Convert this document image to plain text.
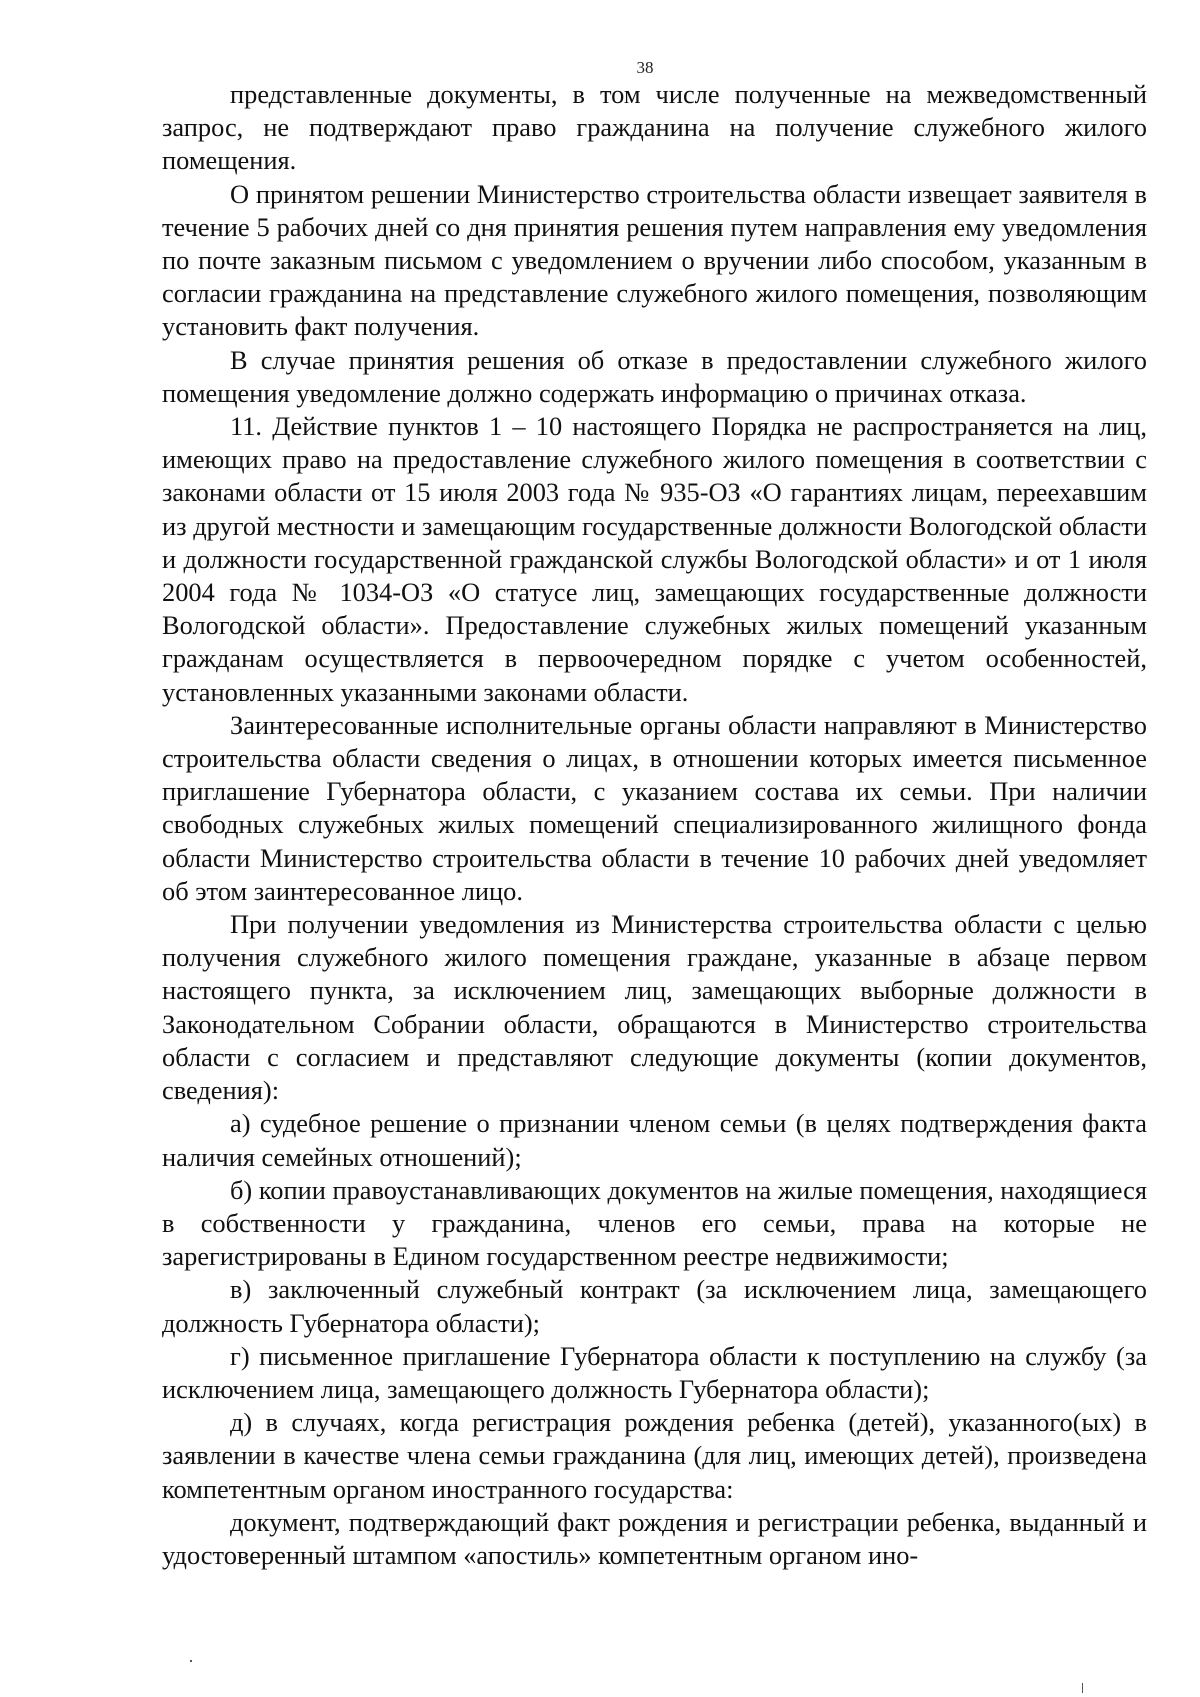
38

представленные документы, в том числе полученные на межведомственный запрос, не подтверждают право гражданина на получение служебного жилого помещения.

О принятом решении Министерство строительства области извещает заявителя в течение 5 рабочих дней со дня принятия решения путем направления ему уведомления по почте заказным письмом с уведомлением о вручении либо способом, указанным в согласии гражданина на представление служебного жилого помещения, позволяющим установить факт получения.

В случае принятия решения об отказе в предоставлении служебного жилого помещения уведомление должно содержать информацию о причинах отказа.

11. Действие пунктов 1 – 10 настоящего Порядка не распространяется на лиц, имеющих право на предоставление служебного жилого помещения в соответствии с законами области от 15 июля 2003 года № 935-ОЗ «О гарантиях лицам, переехавшим из другой местности и замещающим государственные должности Вологодской области и должности государственной гражданской службы Вологодской области» и от 1 июля 2004 года № 1034-ОЗ «О статусе лиц, замещающих государственные должности Вологодской области». Предоставление служебных жилых помещений указанным гражданам осуществляется в первоочередном порядке с учетом особенностей, установленных указанными законами области.

Заинтересованные исполнительные органы области направляют в Министерство строительства области сведения о лицах, в отношении которых имеется письменное приглашение Губернатора области, с указанием состава их семьи. При наличии свободных служебных жилых помещений специализированного жилищного фонда области Министерство строительства области в течение 10 рабочих дней уведомляет об этом заинтересованное лицо.

При получении уведомления из Министерства строительства области с целью получения служебного жилого помещения граждане, указанные в абзаце первом настоящего пункта, за исключением лиц, замещающих выборные должности в Законодательном Собрании области, обращаются в Министерство строительства области с согласием и представляют следующие документы (копии документов, сведения):

а) судебное решение о признании членом семьи (в целях подтверждения факта наличия семейных отношений);

б) копии правоустанавливающих документов на жилые помещения, находящиеся в собственности у гражданина, членов его семьи, права на которые не зарегистрированы в Едином государственном реестре недвижимости;

в) заключенный служебный контракт (за исключением лица, замещающего должность Губернатора области);

г) письменное приглашение Губернатора области к поступлению на службу (за исключением лица, замещающего должность Губернатора области);

д) в случаях, когда регистрация рождения ребенка (детей), указанного(ых) в заявлении в качестве члена семьи гражданина (для лиц, имеющих детей), произведена компетентным органом иностранного государства:

документ, подтверждающий факт рождения и регистрации ребенка, выданный и удостоверенный штампом «апостиль» компетентным органом ино-
